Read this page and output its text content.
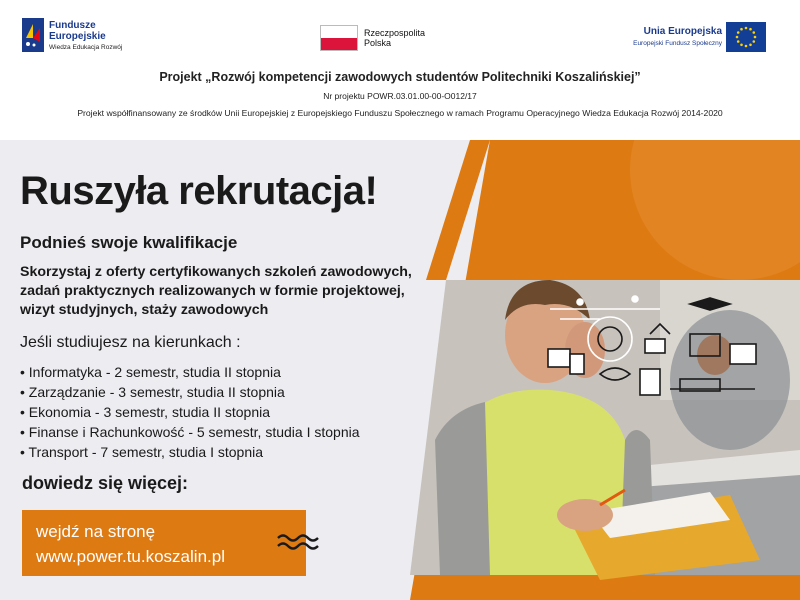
Fundusze
Europejskie
Wiedza Edukacja Rozwój
Rzeczpospolita
Polska
Unia Europejska
Europejski Fundusz Społeczny
Projekt „Rozwój kompetencji zawodowych studentów Politechniki Koszalińskiej”
Nr projektu POWR.03.01.00-00-O012/17
Projekt współfinansowany ze środków Unii Europejskiej z Europejskiego Funduszu Społecznego w ramach Programu Operacyjnego Wiedza Edukacja Rozwój 2014-2020
Ruszyła rekrutacja!
Podnieś swoje kwalifikacje
Skorzystaj z oferty certyfikowanych szkoleń zawodowych,
zadań praktycznych realizowanych w formie projektowej,
wizyt studyjnych, staży zawodowych
Jeśli studiujesz na kierunkach :
• Informatyka - 2 semestr, studia II stopnia
• Zarządzanie - 3 semestr, studia II stopnia
• Ekonomia - 3 semestr, studia II stopnia
• Finanse i Rachunkowość - 5 semestr, studia I stopnia
• Transport - 7 semestr, studia I stopnia
dowiedz się więcej:
wejdź na stronę
www.power.tu.koszalin.pl
